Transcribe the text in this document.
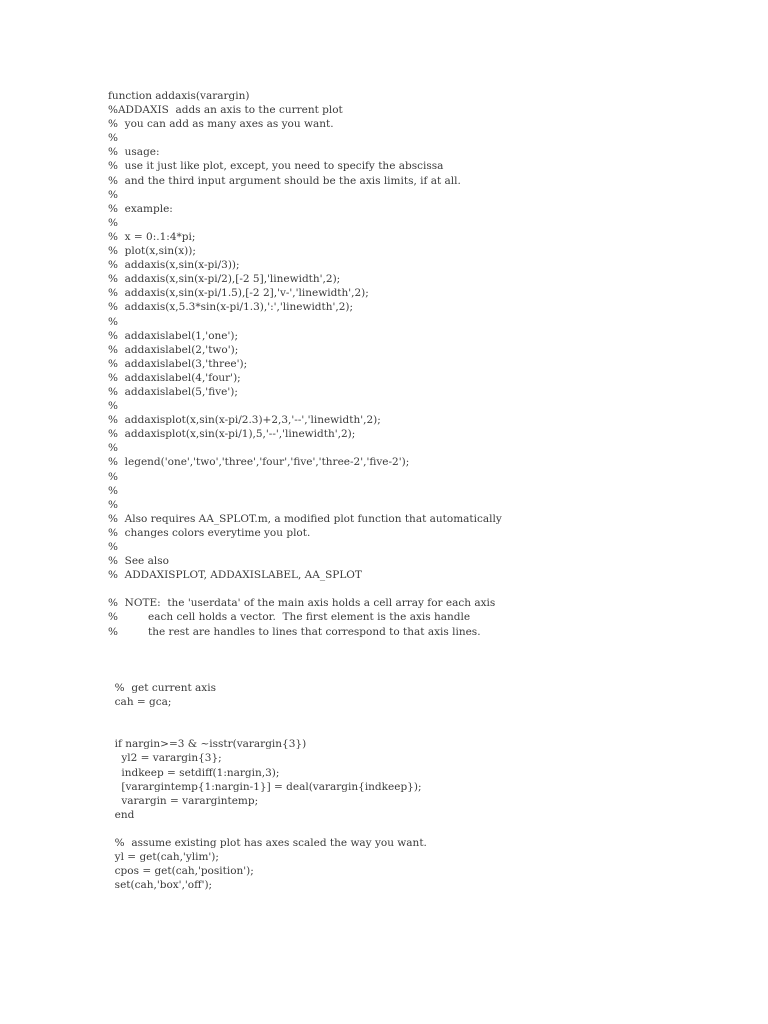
function addaxis(varargin)
%ADDAXIS  adds an axis to the current plot
%  you can add as many axes as you want.
%
%  usage:
%  use it just like plot, except, you need to specify the abscissa
%  and the third input argument should be the axis limits, if at all.
%
%  example:
%
%  x = 0:.1:4*pi;
%  plot(x,sin(x));
%  addaxis(x,sin(x-pi/3));
%  addaxis(x,sin(x-pi/2),[-2 5],'linewidth',2);
%  addaxis(x,sin(x-pi/1.5),[-2 2],'v-','linewidth',2);
%  addaxis(x,5.3*sin(x-pi/1.3),':','linewidth',2);
%
%  addaxislabel(1,'one');
%  addaxislabel(2,'two');
%  addaxislabel(3,'three');
%  addaxislabel(4,'four');
%  addaxislabel(5,'five');
%
%  addaxisplot(x,sin(x-pi/2.3)+2,3,'--','linewidth',2);
%  addaxisplot(x,sin(x-pi/1),5,'--','linewidth',2);
%
%  legend('one','two','three','four','five','three-2','five-2');
%
%
%
%  Also requires AA_SPLOT.m, a modified plot function that automatically
%  changes colors everytime you plot.
%
%  See also
%  ADDAXISPLOT, ADDAXISLABEL, AA_SPLOT
%  NOTE:  the 'userdata' of the main axis holds a cell array for each axis
%         each cell holds a vector.  The first element is the axis handle
%         the rest are handles to lines that correspond to that axis lines.
%  get current axis
cah = gca;
if nargin>=3 & ~isstr(varargin{3})
yl2 = varargin{3};
indkeep = setdiff(1:nargin,3);
[varargintemp{1:nargin-1}] = deal(varargin{indkeep});
varargin = varargintemp;
end
%  assume existing plot has axes scaled the way you want.
yl = get(cah,'ylim');
cpos = get(cah,'position');
set(cah,'box','off');
